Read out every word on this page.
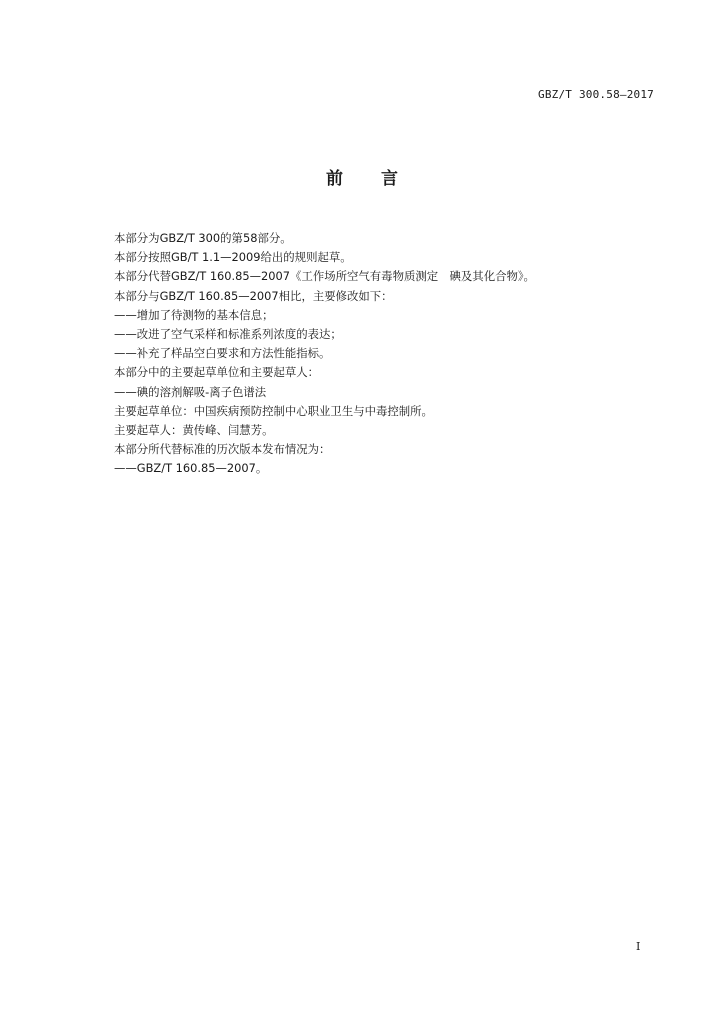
GBZ/T 300.58—2017
前 言
本部分为GBZ/T 300的第58部分。
本部分按照GB/T 1.1—2009给出的规则起草。
本部分代替GBZ/T 160.85—2007《工作场所空气有毒物质测定　碘及其化合物》。
本部分与GBZ/T 160.85—2007相比，主要修改如下：
——增加了待测物的基本信息；
——改进了空气采样和标准系列浓度的表达；
——补充了样品空白要求和方法性能指标。
本部分中的主要起草单位和主要起草人：
——碘的溶剂解吸-离子色谱法
主要起草单位：中国疾病预防控制中心职业卫生与中毒控制所。
主要起草人：黄传峰、闫慧芳。
本部分所代替标准的历次版本发布情况为：
——GBZ/T 160.85—2007。
I
